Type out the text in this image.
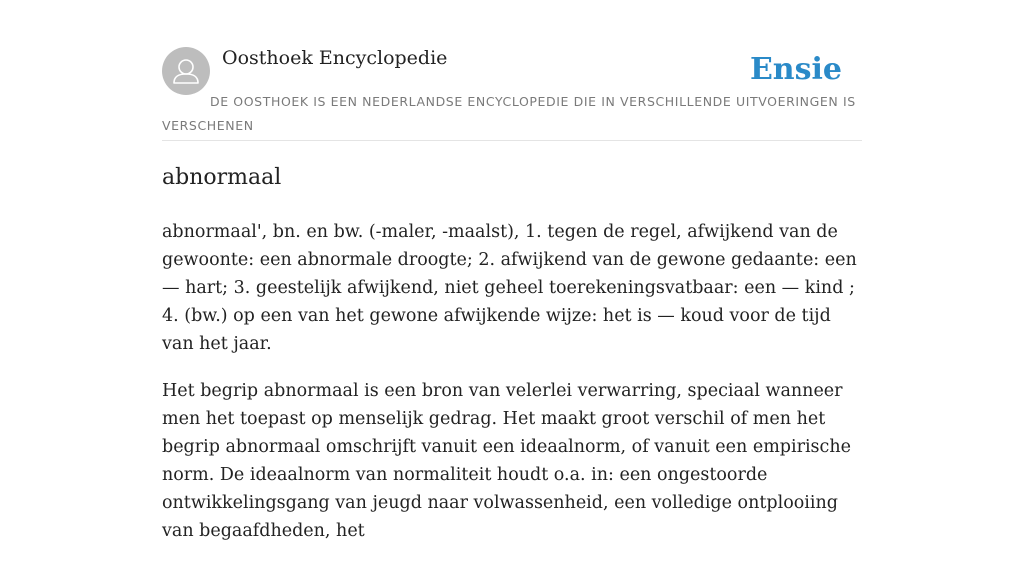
Oosthoek Encyclopedie	Ensie
DE OOSTHOEK IS EEN NEDERLANDSE ENCYCLOPEDIE DIE IN VERSCHILLENDE UITVOERINGEN IS VERSCHENEN
abnormaal

abnormaal', bn. en bw. (-maler, -maalst), 1. tegen de regel, afwijkend van de gewoonte: een abnormale droogte; 2. afwijkend van de gewone gedaante: een — hart; 3. geestelijk afwijkend, niet geheel toerekeningsvatbaar: een — kind ; 4. (bw.) op een van het gewone afwijkende wijze: het is — koud voor de tijd van het jaar.

Het begrip abnormaal is een bron van velerlei verwarring, speciaal wanneer men het toepast op menselijk gedrag. Het maakt groot verschil of men het begrip abnormaal omschrijft vanuit een ideaalnorm, of vanuit een empirische norm. De ideaalnorm van normaliteit houdt o.a. in: een ongestoorde ontwikkelingsgang van jeugd naar volwassenheid, een volledige ontplooiing van begaafdheden, het
